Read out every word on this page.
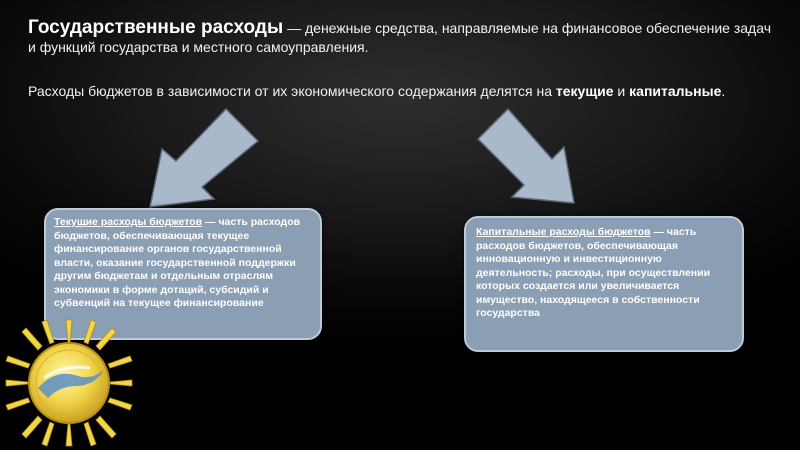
Государственные расходы — денежные средства, направляемые на финансовое обеспечение задач и функций государства и местного самоуправления.
Расходы бюджетов в зависимости от их экономического содержания делятся на текущие и капитальные.
Текущие расходы бюджетов — часть расходов бюджетов, обеспечивающая текущее финансирование органов государственной власти, оказание государственной поддержки другим бюджетам и отдельным отраслям экономики в форме дотаций, субсидий и субвенций на текущее финансирование
Капитальные расходы бюджетов — часть расходов бюджетов, обеспечивающая инновационную и инвестиционную деятельность; расходы, при осуществлении которых создается или увеличивается имущество, находящееся в собственности государства
